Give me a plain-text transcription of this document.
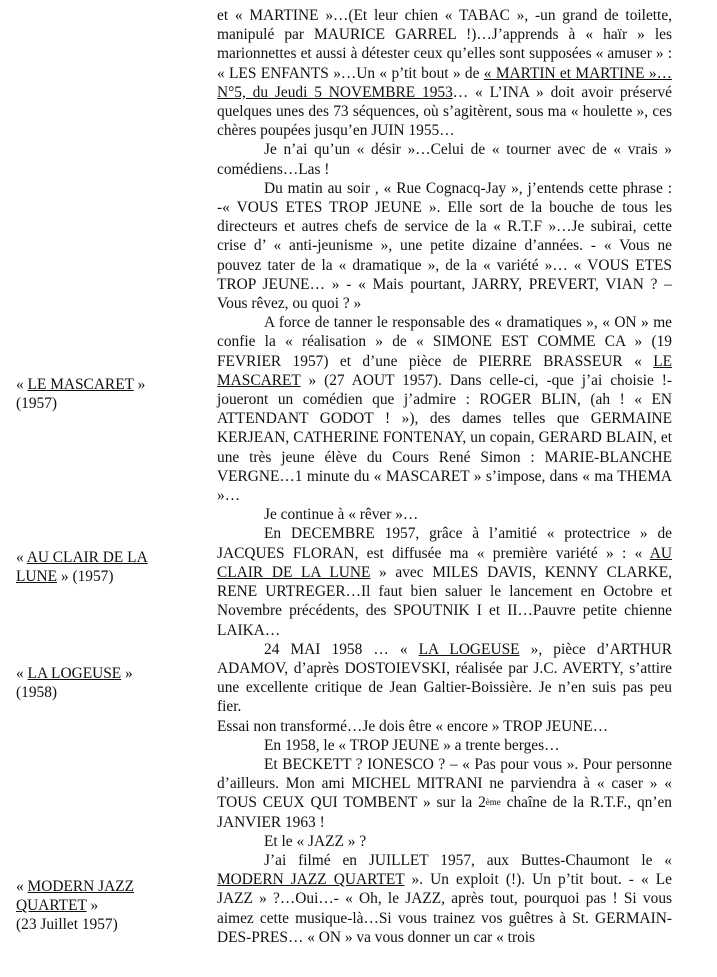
« LE MASCARET »
(1957)
« AU CLAIR DE LA LUNE » (1957)
« LA LOGEUSE »
(1958)
« MODERN JAZZ QUARTET »
(23 Juillet 1957)

et « MARTINE »…(Et leur chien « TABAC », -un grand de toilette, manipulé par MAURICE GARREL !)…J’apprends à « haïr » les marionnettes et aussi à détester ceux qu’elles sont supposées « amuser » : « LES ENFANTS »…Un « p’tit bout » de « MARTIN et MARTINE »…N°5, du Jeudi 5 NOVEMBRE 1953… « L’INA » doit avoir préservé quelques unes des 73 séquences, où s’agitèrent, sous ma « houlette », ces chères poupées jusqu’en JUIN 1955…

Je n’ai qu’un « désir »…Celui de « tourner avec de « vrais » comédiens…Las !

Du matin au soir , « Rue Cognacq-Jay », j’entends cette phrase : -« VOUS ETES TROP JEUNE ». Elle sort de la bouche de tous les directeurs et autres chefs de service de la « R.T.F »…Je subirai, cette crise d’ « anti-jeunisme », une petite dizaine d’années. - « Vous ne pouvez tater de la « dramatique », de la « variété »… « VOUS ETES TROP JEUNE… » - « Mais pourtant, JARRY, PREVERT, VIAN ? – Vous rêvez, ou quoi ? »

A force de tanner le responsable des « dramatiques », « ON » me confie la « réalisation » de « SIMONE EST COMME CA » (19 FEVRIER 1957) et d’une pièce de PIERRE BRASSEUR « LE MASCARET » (27 AOUT 1957). Dans celle-ci, -que j’ai choisie !- joueront un comédien que j’admire : ROGER BLIN, (ah ! « EN ATTENDANT GODOT ! »), des dames telles que GERMAINE KERJEAN, CATHERINE FONTENAY, un copain, GERARD BLAIN, et une très jeune élève du Cours René Simon : MARIE-BLANCHE VERGNE…1 minute du « MASCARET » s’impose, dans « ma THEMA »…

Je continue à « rêver »…

En DECEMBRE 1957, grâce à l’amitié « protectrice » de JACQUES FLORAN, est diffusée ma « première variété » : « AU CLAIR DE LA LUNE » avec MILES DAVIS, KENNY CLARKE, RENE URTREGER…Il faut bien saluer le lancement en Octobre et Novembre précédents, des SPOUTNIK I et II…Pauvre petite chienne LAIKA…

24 MAI 1958 … « LA LOGEUSE », pièce d’ARTHUR ADAMOV, d’après DOSTOIEVSKI, réalisée par J.C. AVERTY, s’attire une excellente critique de Jean Galtier-Boissière. Je n’en suis pas peu fier.

Essai non transformé…Je dois être « encore » TROP JEUNE…

En 1958, le « TROP JEUNE » a trente berges…

Et BECKETT ? IONESCO ? – « Pas pour vous ». Pour personne d’ailleurs. Mon ami MICHEL MITRANI ne parviendra à « caser » « TOUS CEUX QUI TOMBENT » sur la 2ème chaîne de la R.T.F., qn’en JANVIER 1963 !

Et le « JAZZ » ?

J’ai filmé en JUILLET 1957, aux Buttes-Chaumont le « MODERN JAZZ QUARTET ». Un exploit (!). Un p’tit bout. - « Le JAZZ » ?…Oui…- « Oh, le JAZZ, après tout, pourquoi pas ! Si vous aimez cette musique-là…Si vous trainez vos guêtres à St. GERMAIN-DES-PRES… « ON » va vous donner un car « trois
